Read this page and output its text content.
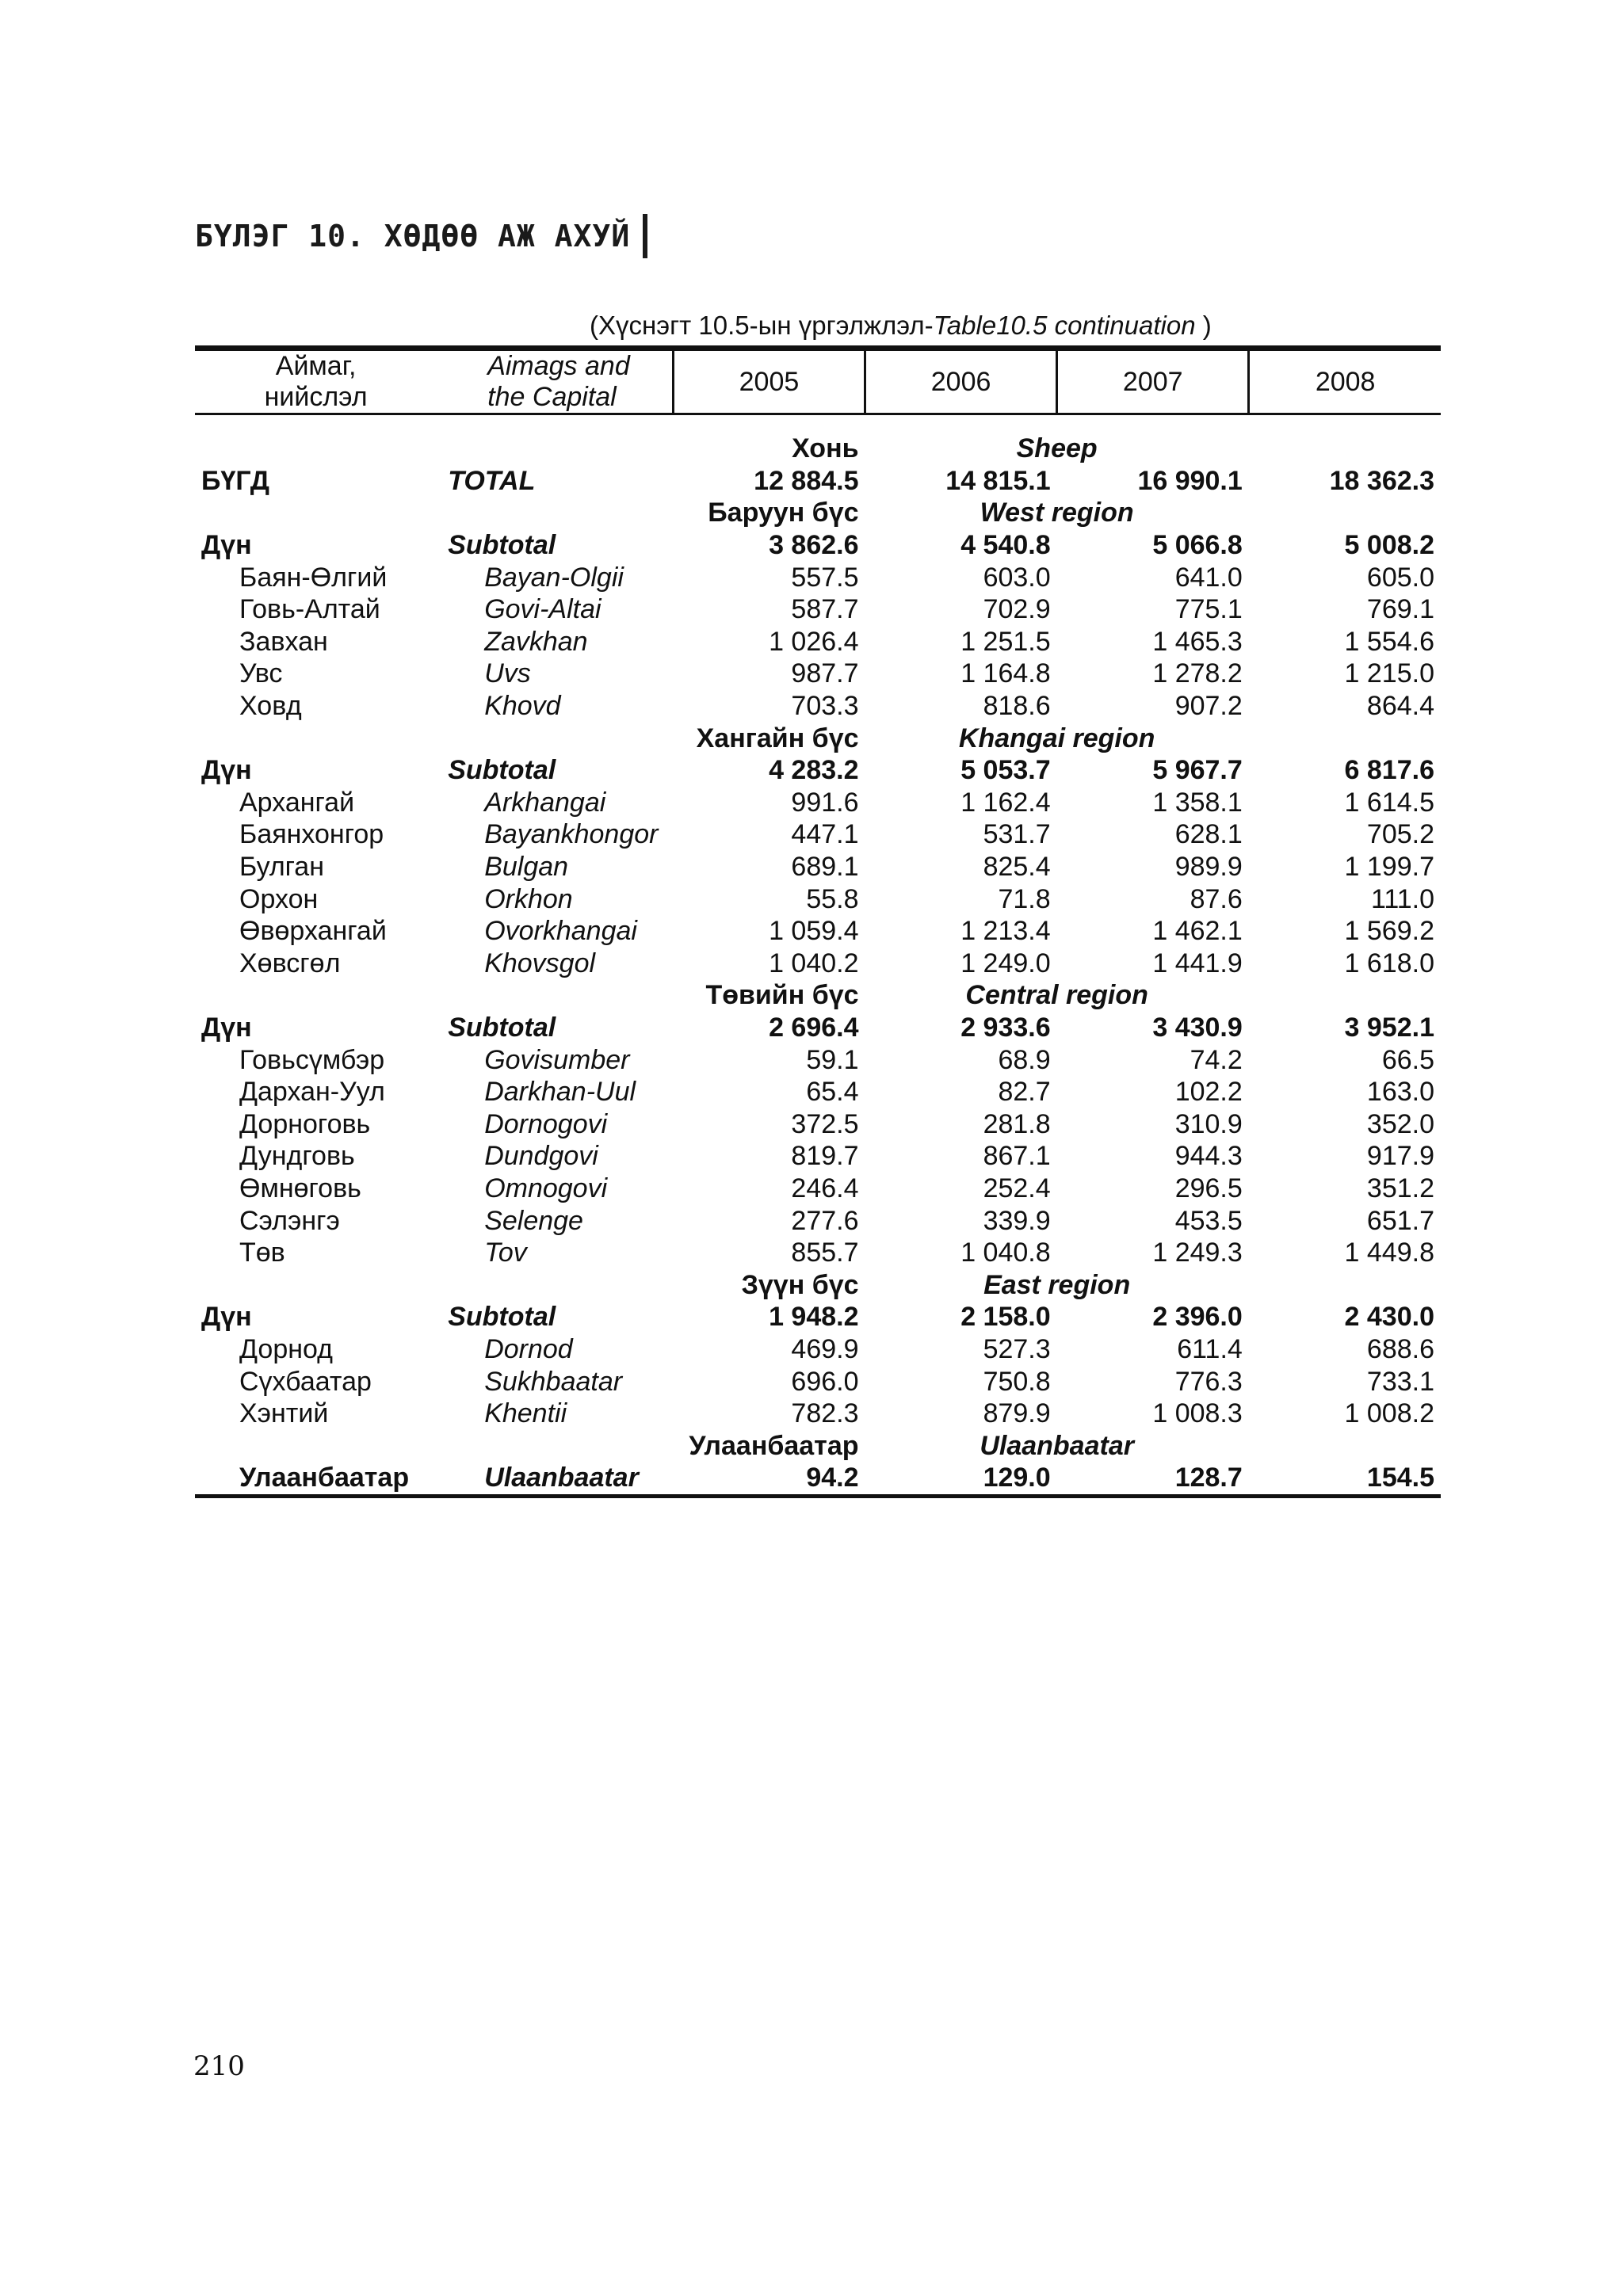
БҮЛЭГ 10. ХӨДӨӨ АЖ АХУЙ
(Хүснэгт 10.5-ын үргэлжлэл-Table10.5 continuation )
Аймаг,
нийслэл	Aimags and
the Capital	2005	2006	2007	2008

		Хонь	Sheep		
БҮГД	TOTAL	12 884.5	14 815.1	16 990.1	18 362.3
		Баруун бүс	West region		
Дүн	Subtotal	3 862.6	4 540.8	5 066.8	5 008.2
Баян-Өлгий	Bayan-Olgii	557.5	603.0	641.0	605.0
Говь-Алтай	Govi-Altai	587.7	702.9	775.1	769.1
Завхан	Zavkhan	1 026.4	1 251.5	1 465.3	1 554.6
Увс	Uvs	987.7	1 164.8	1 278.2	1 215.0
Ховд	Khovd	703.3	818.6	907.2	864.4
		Хангайн бүс	Khangai region		
Дүн	Subtotal	4 283.2	5 053.7	5 967.7	6 817.6
Архангай	Arkhangai	991.6	1 162.4	1 358.1	1 614.5
Баянхонгор	Bayankhongor	447.1	531.7	628.1	705.2
Булган	Bulgan	689.1	825.4	989.9	1 199.7
Орхон	Orkhon	55.8	71.8	87.6	111.0
Өвөрхангай	Ovorkhangai	1 059.4	1 213.4	1 462.1	1 569.2
Хөвсгөл	Khovsgol	1 040.2	1 249.0	1 441.9	1 618.0
		Төвийн бүс	Central region		
Дүн	Subtotal	2 696.4	2 933.6	3 430.9	3 952.1
Говьсүмбэр	Govisumber	59.1	68.9	74.2	66.5
Дархан-Уул	Darkhan-Uul	65.4	82.7	102.2	163.0
Дорноговь	Dornogovi	372.5	281.8	310.9	352.0
Дундговь	Dundgovi	819.7	867.1	944.3	917.9
Өмнөговь	Omnogovi	246.4	252.4	296.5	351.2
Сэлэнгэ	Selenge	277.6	339.9	453.5	651.7
Төв	Tov	855.7	1 040.8	1 249.3	1 449.8
		Зүүн бүс	East region		
Дүн	Subtotal	1 948.2	2 158.0	2 396.0	2 430.0
Дорнод	Dornod	469.9	527.3	611.4	688.6
Сүхбаатар	Sukhbaatar	696.0	750.8	776.3	733.1
Хэнтий	Khentii	782.3	879.9	1 008.3	1 008.2
		Улаанбаатар	Ulaanbaatar		
Улаанбаатар	Ulaanbaatar	94.2	129.0	128.7	154.5
210
